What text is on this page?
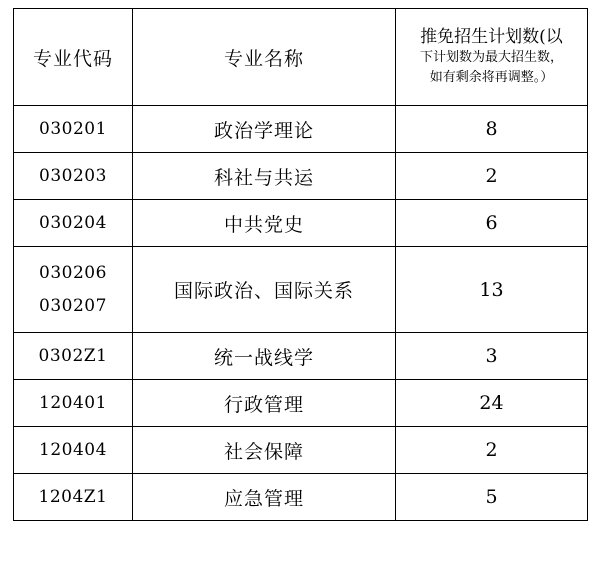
专业代码	专业名称	推免招生计划数(以
下计划数为最大招生数，
如有剩余将再调整。）

030201	政治学理论	8
030203	科社与共运	2
030204	中共党史	6

030206
030207	国际政治、国际关系	13
0302Z1	统一战线学	3
120401	行政管理	24
120404	社会保障	2
1204Z1	应急管理	5
